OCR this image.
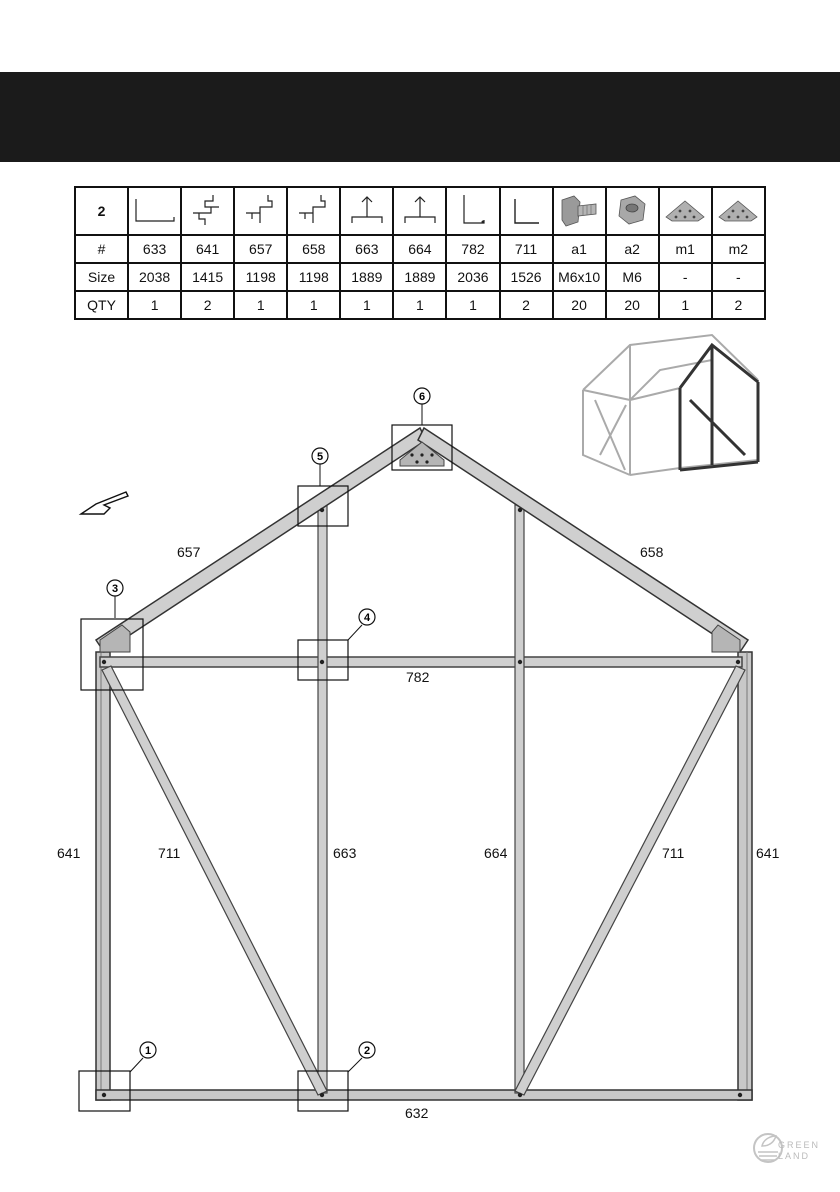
2												
#	633	641	657	658	663	664	782	711	a1	a2	m1	m2
Size	2038	1415	1198	1198	1889	1889	2036	1526	M6x10	M6	-	-
QTY	1	2	1	1	1	1	1	2	20	20	1	2
1	2
3
4
5
6
657	658
782
641	641
711	711
663	664
632
GREEN
LAND
